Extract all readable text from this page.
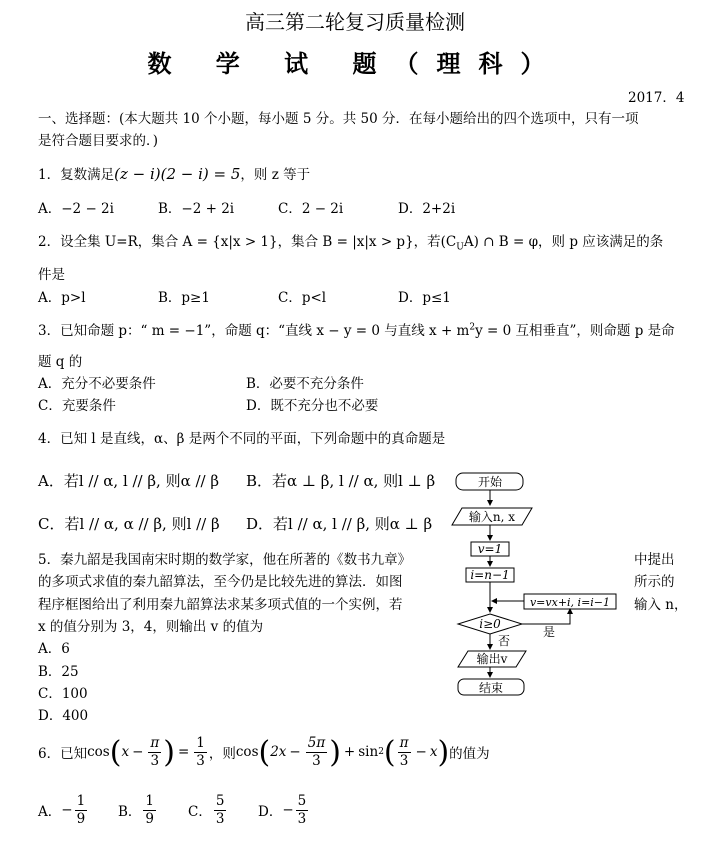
高三第二轮复习质量检测
数 学 试 题（理科）
2017．4
一、选择题：(本大题共 10 个小题，每小题 5 分。共 50 分．在每小题给出的四个选项中，只有一项
是符合题目要求的．)
1．复数满足(z − i)(2 − i) = 5，则 z 等于
A．−2 − 2i	B．−2 + 2i	C．2 − 2i	D．2+2i
2．设全集 U=R，集合 A = {x|x > 1}，集合 B = |x|x > p}，若$(C_UA)$ ∩ B = φ，则 p 应该满足的条
件是
A．p>l	B．p≥1	C．p<l	D．p≤1
3．已知命题 p：“ m = −1”，命题 q：“直线 x − y = 0 与直线 $x + m^2y = 0$ 互相垂直”，则命题 p 是命
题 q 的
A．充分不必要条件	B．必要不充分条件
C．充要条件	D．既不充分也不必要
4．已知 l 是直线，α、β 是两个不同的平面，下列命题中的真命题是
A．若l // α, l // β, 则α // β B．若α ⊥ β, l // α, 则l ⊥ β
C．若l // α, α // β, 则l // β D．若l // α, l // β, 则α ⊥ β
5．秦九韶是我国南宋时期的数学家，他在所著的《数书九章》
的多项式求值的秦九韶算法，至今仍是比较先进的算法．如图
程序框图给出了利用秦九韶算法求某多项式值的一个实例，若
x 的值分别为 3，4，则输出 v 的值为
中提出
所示的
输入 n，
A．6
B．25
C．100
D．400
开始
输入n, x
v=1
i=n−1
v=vx+i, i=i−1
i≥0
是
否
输出v
结束
6．已知 cos ( $x - \frac{\pi}{3}$ ) = $\frac{1}{3}$ ，则 cos ( $2x - \frac{5\pi}{3}$ ) + sin 2 ( $\frac{\pi}{3} - x$ ) 的值为
A． − $\frac{1}{9}$ B． $\frac{1}{9}$ C． $\frac{5}{3}$ D． − $\frac{5}{3}$
